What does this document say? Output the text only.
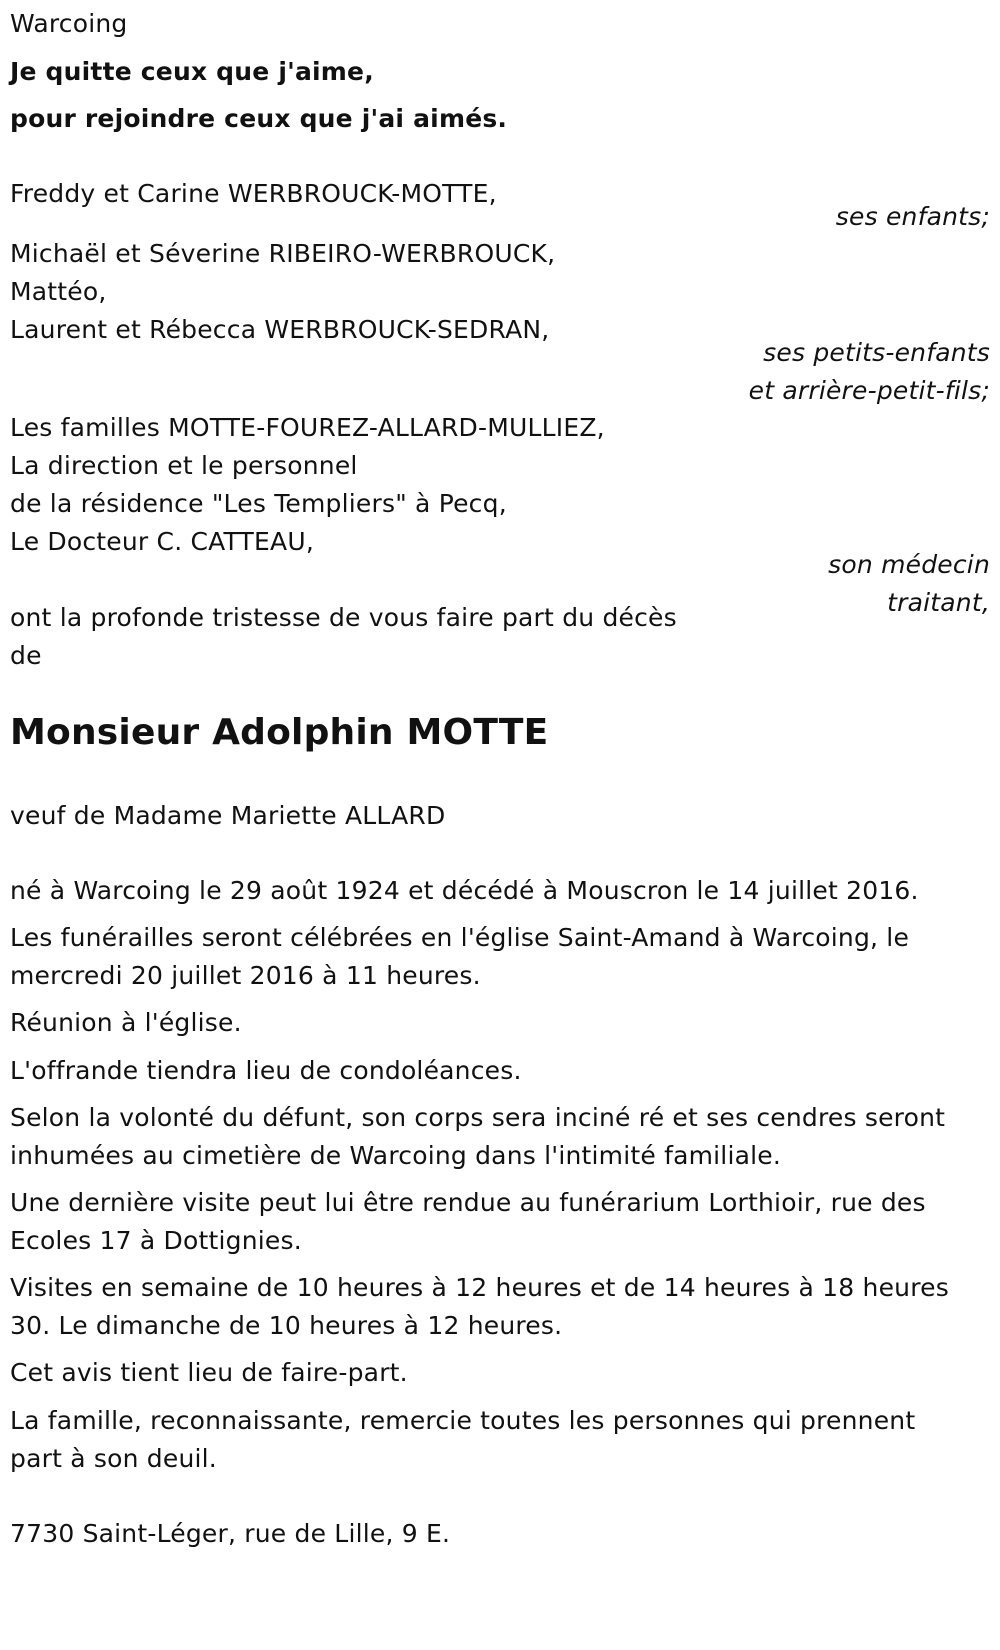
Warcoing
Je quitte ceux que j'aime,
pour rejoindre ceux que j'ai aimés.
Freddy et Carine WERBROUCK-MOTTE,
ses enfants;
Michaël et Séverine RIBEIRO-WERBROUCK,
Mattéo,
Laurent et Rébecca WERBROUCK-SEDRAN,
ses petits-enfants
et arrière-petit-fils;
Les familles MOTTE-FOUREZ-ALLARD-MULLIEZ,
La direction et le personnel
de la résidence "Les Templiers" à Pecq,
Le Docteur C. CATTEAU,
son médecin
traitant,
ont la profonde tristesse de vous faire part du décès
de
Monsieur Adolphin MOTTE
veuf de Madame Mariette ALLARD
né à Warcoing le 29 août 1924 et décédé à Mouscron le 14 juillet 2016.
Les funérailles seront célébrées en l'église Saint-Amand à Warcoing, le
mercredi 20 juillet 2016 à 11 heures.
Réunion à l'église.
L'offrande tiendra lieu de condoléances.
Selon la volonté du défunt, son corps sera inciné ré et ses cendres seront
inhumées au cimetière de Warcoing dans l'intimité familiale.
Une dernière visite peut lui être rendue au funérarium Lorthioir, rue des
Ecoles 17 à Dottignies.
Visites en semaine de 10 heures à 12 heures et de 14 heures à 18 heures
30. Le dimanche de 10 heures à 12 heures.
Cet avis tient lieu de faire-part.
La famille, reconnaissante, remercie toutes les personnes qui prennent
part à son deuil.
7730 Saint-Léger, rue de Lille, 9 E.
